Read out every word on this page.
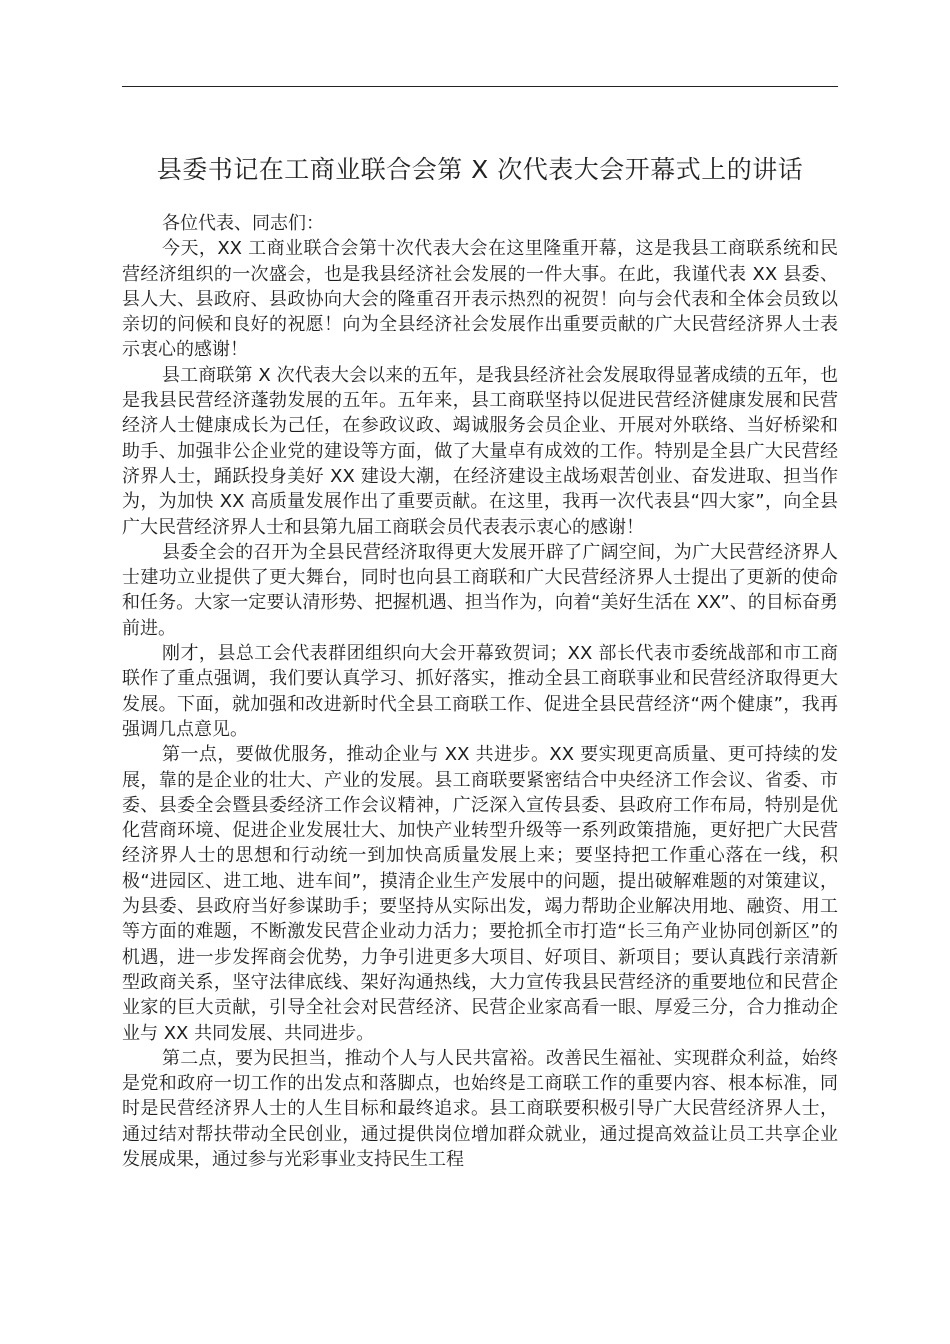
县委书记在工商业联合会第 X 次代表大会开幕式上的讲话

各位代表、同志们：

今天，XX 工商业联合会第十次代表大会在这里隆重开幕，这是我县工商联系统和民营经济组织的一次盛会，也是我县经济社会发展的一件大事。在此，我谨代表 XX 县委、县人大、县政府、县政协向大会的隆重召开表示热烈的祝贺！向与会代表和全体会员致以亲切的问候和良好的祝愿！向为全县经济社会发展作出重要贡献的广大民营经济界人士表示衷心的感谢！

县工商联第 X 次代表大会以来的五年，是我县经济社会发展取得显著成绩的五年，也是我县民营经济蓬勃发展的五年。五年来，县工商联坚持以促进民营经济健康发展和民营经济人士健康成长为己任，在参政议政、竭诚服务会员企业、开展对外联络、当好桥梁和助手、加强非公企业党的建设等方面，做了大量卓有成效的工作。特别是全县广大民营经济界人士，踊跃投身美好 XX 建设大潮，在经济建设主战场艰苦创业、奋发进取、担当作为，为加快 XX 高质量发展作出了重要贡献。在这里，我再一次代表县“四大家”，向全县广大民营经济界人士和县第九届工商联会员代表表示衷心的感谢！

县委全会的召开为全县民营经济取得更大发展开辟了广阔空间，为广大民营经济界人士建功立业提供了更大舞台，同时也向县工商联和广大民营经济界人士提出了更新的使命和任务。大家一定要认清形势、把握机遇、担当作为，向着“美好生活在 XX”、的目标奋勇前进。

刚才，县总工会代表群团组织向大会开幕致贺词；XX 部长代表市委统战部和市工商联作了重点强调，我们要认真学习、抓好落实，推动全县工商联事业和民营经济取得更大发展。下面，就加强和改进新时代全县工商联工作、促进全县民营经济“两个健康”，我再强调几点意见。

第一点，要做优服务，推动企业与 XX 共进步。XX 要实现更高质量、更可持续的发展，靠的是企业的壮大、产业的发展。县工商联要紧密结合中央经济工作会议、省委、市委、县委全会暨县委经济工作会议精神，广泛深入宣传县委、县政府工作布局，特别是优化营商环境、促进企业发展壮大、加快产业转型升级等一系列政策措施，更好把广大民营经济界人士的思想和行动统一到加快高质量发展上来；要坚持把工作重心落在一线，积极“进园区、进工地、进车间”，摸清企业生产发展中的问题，提出破解难题的对策建议，为县委、县政府当好参谋助手；要坚持从实际出发，竭力帮助企业解决用地、融资、用工等方面的难题，不断激发民营企业动力活力；要抢抓全市打造“长三角产业协同创新区”的机遇，进一步发挥商会优势，力争引进更多大项目、好项目、新项目；要认真践行亲清新型政商关系，坚守法律底线、架好沟通热线，大力宣传我县民营经济的重要地位和民营企业家的巨大贡献，引导全社会对民营经济、民营企业家高看一眼、厚爱三分，合力推动企业与 XX 共同发展、共同进步。

第二点，要为民担当，推动个人与人民共富裕。改善民生福祉、实现群众利益，始终是党和政府一切工作的出发点和落脚点，也始终是工商联工作的重要内容、根本标准，同时是民营经济界人士的人生目标和最终追求。县工商联要积极引导广大民营经济界人士，通过结对帮扶带动全民创业，通过提供岗位增加群众就业，通过提高效益让员工共享企业发展成果，通过参与光彩事业支持民生工程
